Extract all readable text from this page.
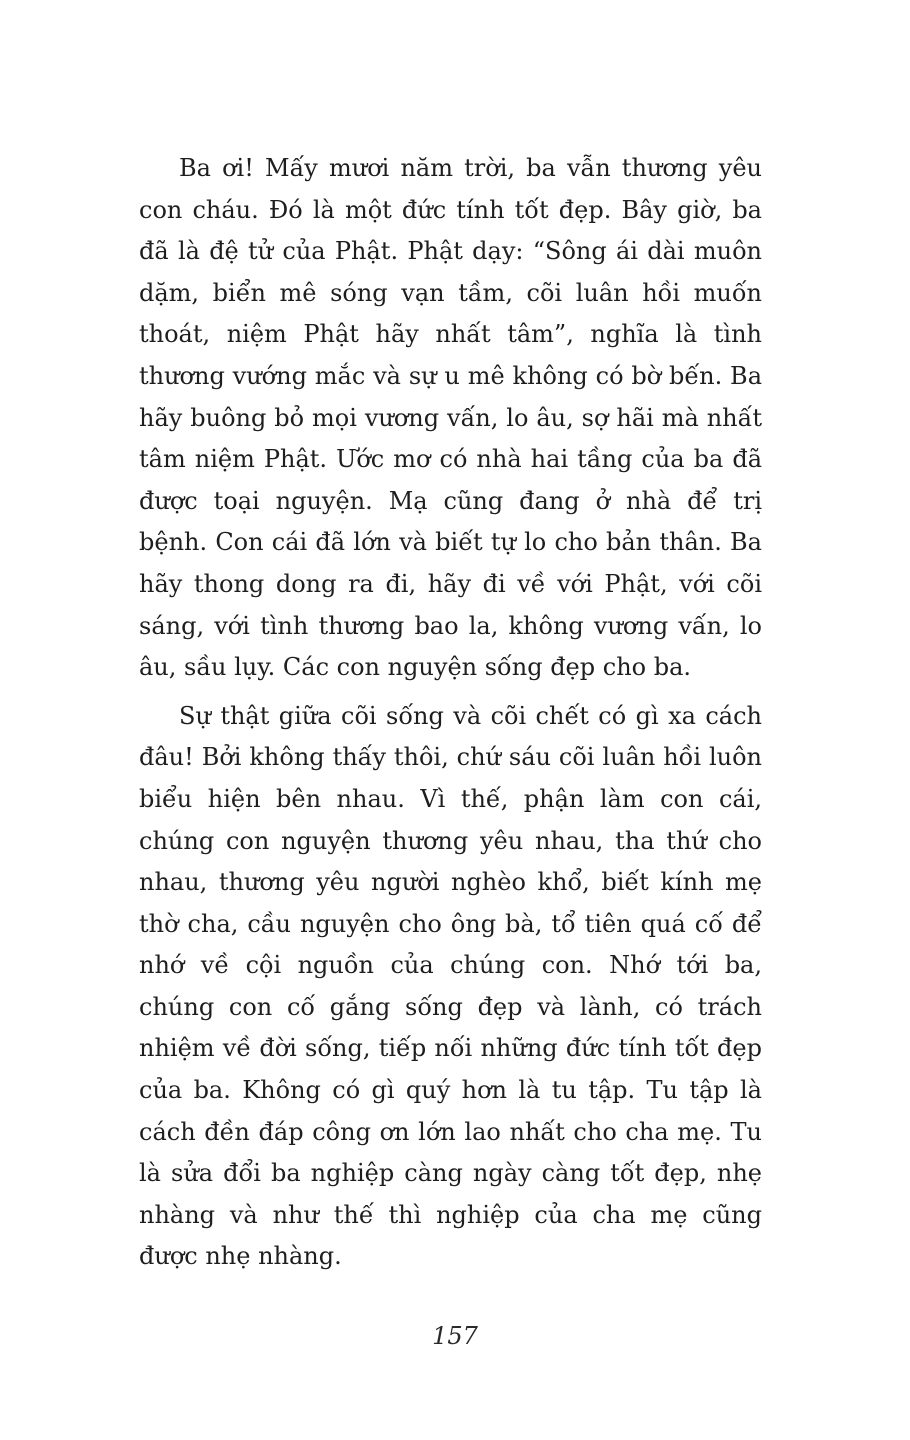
Ba ơi! Mấy mươi năm trời, ba vẫn thương yêu con cháu. Đó là một đức tính tốt đẹp. Bây giờ, ba đã là đệ tử của Phật. Phật dạy: “Sông ái dài muôn dặm, biển mê sóng vạn tầm, cõi luân hồi muốn thoát, niệm Phật hãy nhất tâm”, nghĩa là tình thương vướng mắc và sự u mê không có bờ bến. Ba hãy buông bỏ mọi vương vấn, lo âu, sợ hãi mà nhất tâm niệm Phật. Ước mơ có nhà hai tầng của ba đã được toại nguyện. Mạ cũng đang ở nhà để trị bệnh. Con cái đã lớn và biết tự lo cho bản thân. Ba hãy thong dong ra đi, hãy đi về với Phật, với cõi sáng, với tình thương bao la, không vương vấn, lo âu, sầu lụy. Các con nguyện sống đẹp cho ba.

Sự thật giữa cõi sống và cõi chết có gì xa cách đâu! Bởi không thấy thôi, chứ sáu cõi luân hồi luôn biểu hiện bên nhau. Vì thế, phận làm con cái, chúng con nguyện thương yêu nhau, tha thứ cho nhau, thương yêu người nghèo khổ, biết kính mẹ thờ cha, cầu nguyện cho ông bà, tổ tiên quá cố để nhớ về cội nguồn của chúng con. Nhớ tới ba, chúng con cố gắng sống đẹp và lành, có trách nhiệm về đời sống, tiếp nối những đức tính tốt đẹp của ba. Không có gì quý hơn là tu tập. Tu tập là cách đền đáp công ơn lớn lao nhất cho cha mẹ. Tu là sửa đổi ba nghiệp càng ngày càng tốt đẹp, nhẹ nhàng và như thế thì nghiệp của cha mẹ cũng được nhẹ nhàng.

157
